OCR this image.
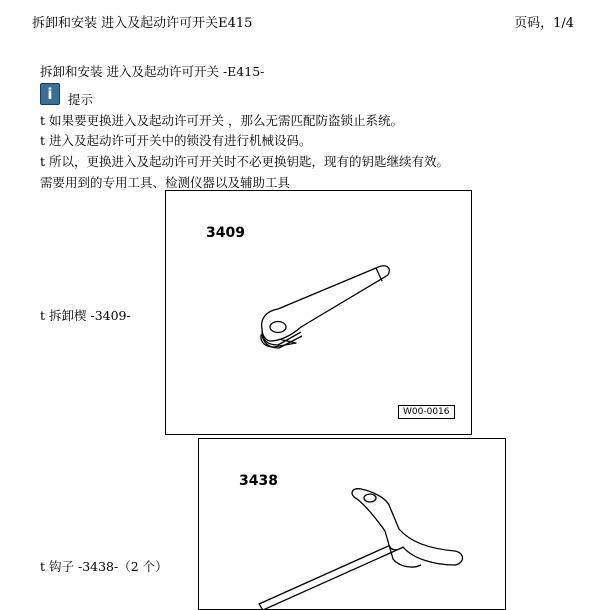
拆卸和安装 进入及起动许可开关E415	页码，1/4
拆卸和安装 进入及起动许可开关 -E415-
i	提示
t 如果要更换进入及起动许可开关 ，那么无需匹配防盗锁止系统。
t 进入及起动许可开关中的锁没有进行机械设码。
t 所以，更换进入及起动许可开关时不必更换钥匙，现有的钥匙继续有效。
需要用到的专用工具、检测仪器以及辅助工具
t 拆卸楔 -3409-
3409
W00-0016
t 钩子 -3438-（2 个）
3438
